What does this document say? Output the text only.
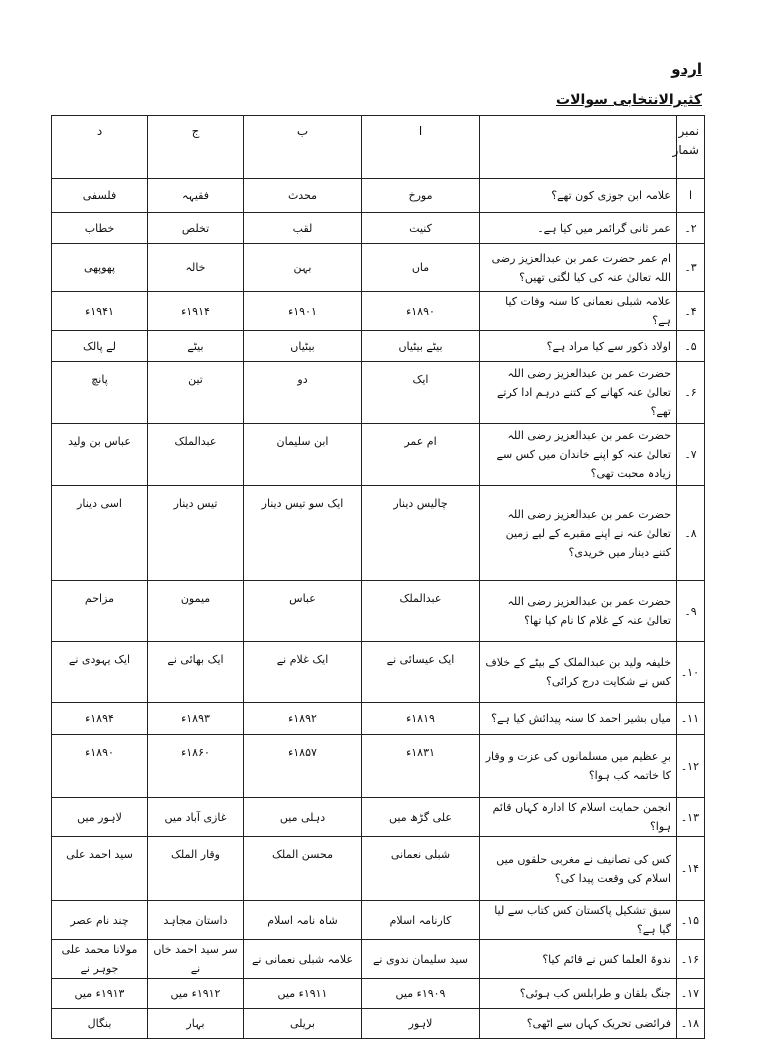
اردو
کثیرالانتخابی سوالات
نمبر شمار		ا	ب	ج	د
ا	علامہ ابن جوزی کون تھے؟	مورخ	محدث	فقیہہ	فلسفی
۲۔	عمر ثانی گرائمر میں کیا ہے۔	کنیت	لقب	تخلص	خطاب
۳۔	ام عمر حضرت عمر بن عبدالعزیز رضی اللہ تعالیٰ عنہ کی کیا لگتی تھیں؟	ماں	بہن	خالہ	پھوپھی
۴۔	علامہ شبلی نعمانی کا سنہ وفات کیا ہے؟	۱۸۹۰ء	۱۹۰۱ء	۱۹۱۴ء	۱۹۴۱ء
۵۔	اولاد ذکور سے کیا مراد ہے؟	بیٹے بیٹیاں	بیٹیاں	بیٹے	لے پالک
۶۔	حضرت عمر بن عبدالعزیز رضی اللہ تعالیٰ عنہ کھانے کے کتنے درہم ادا کرتے تھے؟	ایک	دو	تین	پانچ
۷۔	حضرت عمر بن عبدالعزیز رضی اللہ تعالیٰ عنہ کو اپنے خاندان میں کس سے زیادہ محبت تھی؟	ام عمر	ابن سلیمان	عبدالملک	عباس بن ولید
۸۔	حضرت عمر بن عبدالعزیز رضی اللہ تعالیٰ عنہ نے اپنے مقبرے کے لیے زمین کتنے دینار میں خریدی؟	چالیس دینار	ایک سو تیس دینار	تیس دینار	اسی دینار
۹۔	حضرت عمر بن عبدالعزیز رضی اللہ تعالیٰ عنہ کے غلام کا نام کیا تھا؟	عبدالملک	عباس	میمون	مزاحم
۱۰۔	خلیفہ ولید بن عبدالملک کے بیٹے کے خلاف کس نے شکایت درج کرائی؟	ایک عیسائی نے	ایک غلام نے	ایک بھائی نے	ایک یہودی نے
۱۱۔	میاں بشیر احمد کا سنہ پیدائش کیا ہے؟	۱۸۱۹ء	۱۸۹۲ء	۱۸۹۳ء	۱۸۹۴ء
۱۲۔	برِ عظیم میں مسلمانوں کی عزت و وقار کا خاتمہ کب ہوا؟	۱۸۳۱ء	۱۸۵۷ء	۱۸۶۰ء	۱۸۹۰ء
۱۳۔	انجمن حمایت اسلام کا ادارہ کہاں قائم ہوا؟	علی گڑھ میں	دہلی میں	غازی آباد میں	لاہور میں
۱۴۔	کس کی تصانیف نے مغربی حلقوں میں اسلام کی وقعت پیدا کی؟	شبلی نعمانی	محسن الملک	وقار الملک	سید احمد علی
۱۵۔	سبق تشکیل پاکستان کس کتاب سے لیا گیا ہے؟	کارنامہ اسلام	شاہ نامہ اسلام	داستان مجاہد	چند نام عصر
۱۶۔	ندوۃ العلما کس نے قائم کیا؟	سید سلیمان ندوی نے	علامہ شبلی نعمانی نے	سر سید احمد خاں نے	مولانا محمد علی جوہر نے
۱۷۔	جنگ بلقان و طرابلس کب ہوئی؟	۱۹۰۹ء میں	۱۹۱۱ء میں	۱۹۱۲ء میں	۱۹۱۳ء میں
۱۸۔	فرائضی تحریک کہاں سے اٹھی؟	لاہور	بریلی	بہار	بنگال
